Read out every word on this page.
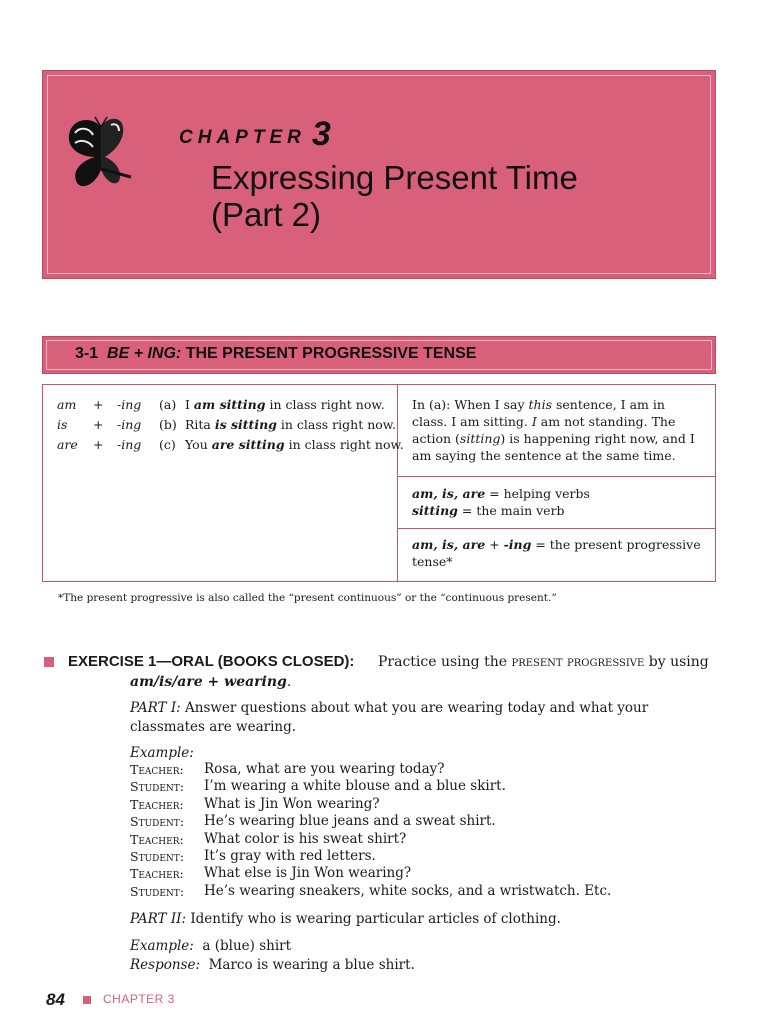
CHAPTER 3
Expressing Present Time
(Part 2)
3-1 BE + ING: THE PRESENT PROGRESSIVE TENSE
am + -ing (a) I am sitting in class right now.
is + -ing (b) Rita is sitting in class right now.
are + -ing (c) You are sitting in class right now.
In (a): When I say this sentence, I am in class. I am sitting. I am not standing. The action (sitting) is happening right now, and I am saying the sentence at the same time.
am, is, are = helping verbs
sitting = the main verb
am, is, are + -ing = the present progressive tense*
*The present progressive is also called the “present continuous” or the “continuous present.”
EXERCISE 1—ORAL (BOOKS CLOSED): Practice using the present progressive by using
am/is/are + wearing.
PART I: Answer questions about what you are wearing today and what your classmates are wearing.
Example:
Teacher: Rosa, what are you wearing today?
Student: I’m wearing a white blouse and a blue skirt.
Teacher: What is Jin Won wearing?
Student: He’s wearing blue jeans and a sweat shirt.
Teacher: What color is his sweat shirt?
Student: It’s gray with red letters.
Teacher: What else is Jin Won wearing?
Student: He’s wearing sneakers, white socks, and a wristwatch. Etc.
PART II: Identify who is wearing particular articles of clothing.
Example: a (blue) shirt
Response: Marco is wearing a blue shirt.
84	CHAPTER 3
